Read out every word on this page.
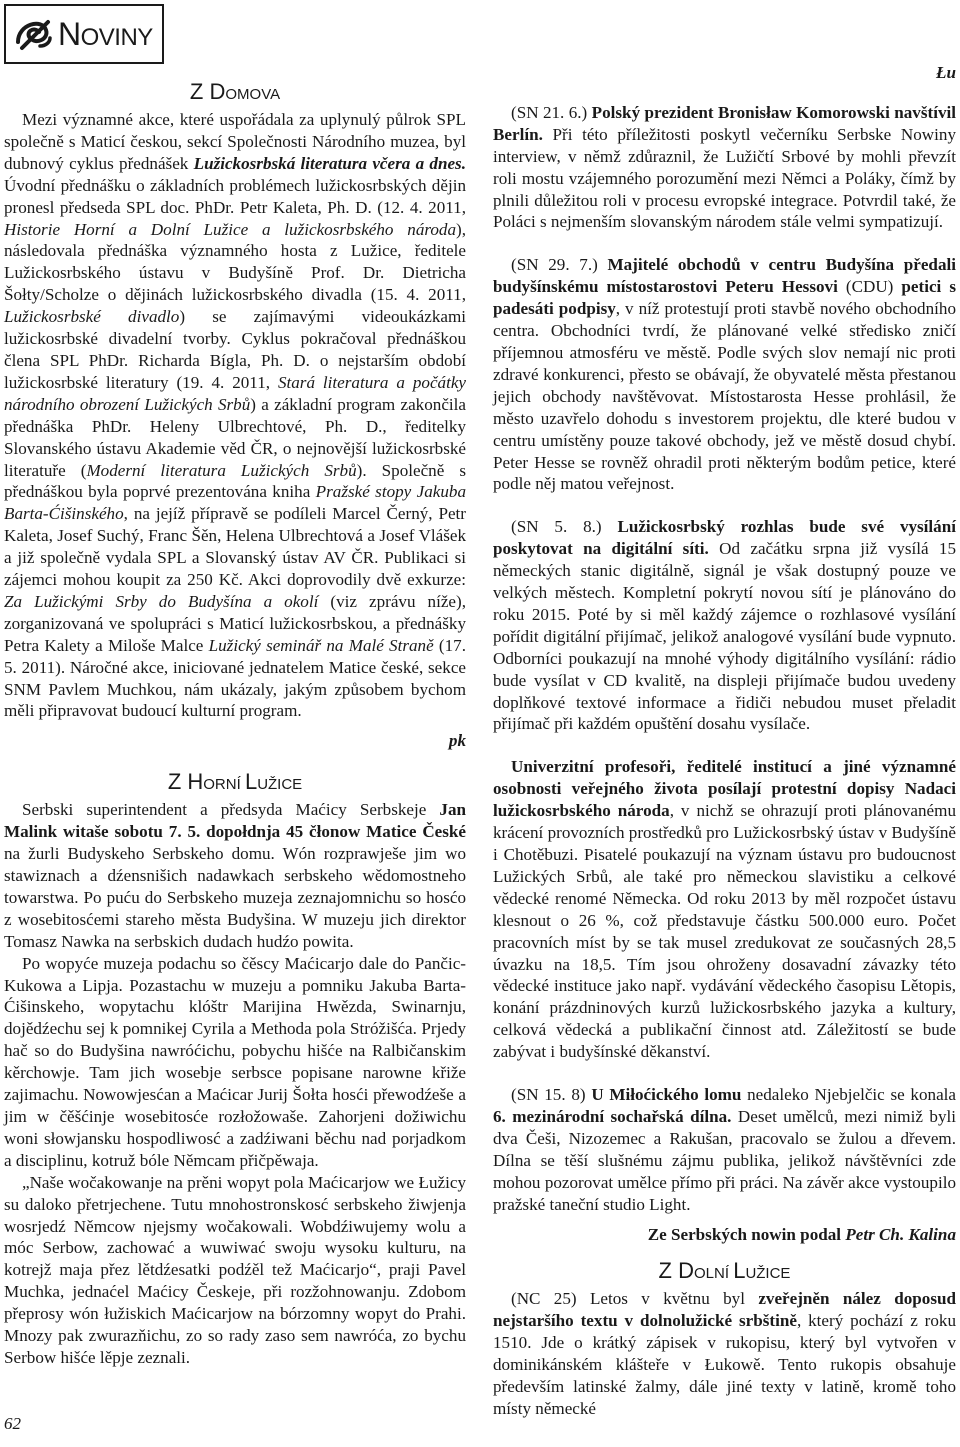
NOVINY
Z DOMOVA

Mezi významné akce, které uspořádala za uplynulý půlrok SPL společně s Maticí českou, sekcí Společnosti Národního muzea, byl dubnový cyklus přednášek Lužickosrbská literatura včera a dnes. Úvodní přednášku o základních problémech lužickosrbských dějin pronesl předseda SPL doc. PhDr. Petr Kaleta, Ph. D. (12. 4. 2011, Historie Horní a Dolní Lužice a lužickosrbského národa), následovala přednáška významného hosta z Lužice, ředitele Lužickosrbského ústavu v Budyšíně Prof. Dr. Dietricha Šołty/Scholze o dějinách lužickosrbského divadla (15. 4. 2011, Lužickosrbské divadlo) se zajímavými videoukázkami lužickosrbské divadelní tvorby. Cyklus pokračoval přednáškou člena SPL PhDr. Richarda Bígla, Ph. D. o nejstarším období lužickosrbské literatury (19. 4. 2011, Stará literatura a počátky národního obrození Lužických Srbů) a základní program zakončila přednáška PhDr. Heleny Ulbrechtové, Ph. D., ředitelky Slovanského ústavu Akademie věd ČR, o nejnovější lužickosrbské literatuře (Moderní literatura Lužických Srbů). Společně s přednáškou byla poprvé prezentována kniha Pražské stopy Jakuba Barta-Ćišinského, na jejíž přípravě se podíleli Marcel Černý, Petr Kaleta, Josef Suchý, Franc Šěn, Helena Ulbrechtová a Josef Vlášek a již společně vydala SPL a Slovanský ústav AV ČR. Publikaci si zájemci mohou koupit za 250 Kč. Akci doprovodily dvě exkurze: Za Lužickými Srby do Budyšína a okolí (viz zprávu níže), zorganizovaná ve spolupráci s Maticí lužickosrbskou, a přednášky Petra Kalety a Miloše Malce Lužický seminář na Malé Straně (17. 5. 2011). Náročné akce, iniciované jednatelem Matice české, sekce SNM Pavlem Muchkou, nám ukázaly, jakým způsobem bychom měli připravovat budoucí kulturní program.

pk

Z HORNÍ LUŽICE

Serbski superintendent a předsyda Maćicy Serbskeje Jan Malink witaše sobotu 7. 5. dopołdnja 45 čłonow Matice České na žurli Budyskeho Serbskeho domu. Wón rozprawješe jim wo stawiznach a dźensnišich nadawkach serbskeho wědomostneho towarstwa. Po puću do Serbskeho muzeja zeznajomnichu so hosćo z wosebitosćemi stareho města Budyšina. W muzeju jich direktor Tomasz Nawka na serbskich dudach hudźo powita.

Po wopyće muzeja podachu so čěscy Maćicarjo dale do Pančic-Kukowa a Lipja. Pozastachu w muzeju a pomniku Jakuba Barta-Ćišinskeho, wopytachu klóštr Marijina Hwězda, Swinarnju, dojědźechu sej k pomnikej Cyrila a Methoda pola Stróžišća. Prjedy hač so do Budyšina nawróćichu, pobychu hišće na Ralbičanskim kěrchowje. Tam jich wosebje serbsce popisane narowne křiže zajimachu. Nowowjesćan a Maćicar Jurij Šołta hosći přewodźeše a jim w čěšćinje wosebitosće rozłožowaše. Zahorjeni dožiwichu woni słowjansku hospodliwosć a zadźiwani běchu nad porjadkom a disciplinu, kotruž bóle Němcam přičpěwaja.

„Naše wočakowanje na prěni wopyt pola Maćicarjow we Łužicy su daloko přetrjechene. Tutu mnohostronskosć serbskeho žiwjenja wosrjedź Němcow njejsmy wočakowali. Wobdźiwujemy wolu a móc Serbow, zachować a wuwiwać swoju wysoku kulturu, na kotrejž maja přez lětdźesatki podźěl tež Maćicarjo“, praji Pavel Muchka, jednaćel Maćicy Českeje, při rozžohnowanju. Zdobom přeprosy wón łužiskich Maćicarjow na bórzomny wopyt do Prahi. Mnozy pak zwurazňichu, zo so rady zaso sem nawróća, zo bychu Serbow hišće lěpje zeznali.

Łu

(SN 21. 6.) Polský prezident Bronisław Komorowski navštívil Berlín. Při této příležitosti poskytl večerníku Serbske Nowiny interview, v němž zdůraznil, že Lužičtí Srbové by mohli převzít roli mostu vzájemného porozumění mezi Němci a Poláky, čímž by plnili důležitou roli v procesu evropské integrace. Potvrdil také, že Poláci s nejmenším slovanským národem stále velmi sympatizují.

(SN 29. 7.) Majitelé obchodů v centru Budyšína předali budyšínskému místostarostovi Peteru Hessovi (CDU) petici s padesáti podpisy, v níž protestují proti stavbě nového obchodního centra. Obchodníci tvrdí, že plánované velké středisko zničí příjemnou atmosféru ve městě. Podle svých slov nemají nic proti zdravé konkurenci, přesto se obávají, že obyvatelé města přestanou jejich obchody navštěvovat. Místostarosta Hesse prohlásil, že město uzavřelo dohodu s investorem projektu, dle které budou v centru umístěny pouze takové obchody, jež ve městě dosud chybí. Peter Hesse se rovněž ohradil proti některým bodům petice, které podle něj matou veřejnost.

(SN 5. 8.) Lužickosrbský rozhlas bude své vysílání poskytovat na digitální síti. Od začátku srpna již vysílá 15 německých stanic digitálně, signál je však dostupný pouze ve velkých městech. Kompletní pokrytí novou sítí je plánováno do roku 2015. Poté by si měl každý zájemce o rozhlasové vysílání pořídit digitální přijímač, jelikož analogové vysílání bude vypnuto. Odborníci poukazují na mnohé výhody digitálního vysílání: rádio bude vysílat v CD kvalitě, na displeji přijímače budou uvedeny doplňkové textové informace a řidiči nebudou muset přeladit přijímač při každém opuštění dosahu vysílače.

Univerzitní profesoři, ředitelé institucí a jiné významné osobnosti veřejného života posílají protestní dopisy Nadaci lužickosrbského národa, v nichž se ohrazují proti plánovanému krácení provozních prostředků pro Lužickosrbský ústav v Budyšíně i Chotěbuzi. Pisatelé poukazují na význam ústavu pro budoucnost Lužických Srbů, ale také pro německou slavistiku a celkové vědecké renomé Německa. Od roku 2013 by měl rozpočet ústavu klesnout o 26 %, což představuje částku 500.000 euro. Počet pracovních míst by se tak musel zredukovat ze současných 28,5 úvazku na 18,5. Tím jsou ohroženy dosavadní závazky této vědecké instituce jako např. vydávání vědeckého časopisu Lětopis, konání prázdninových kurzů lužickosrbského jazyka a kultury, celková vědecká a publikační činnost atd. Záležitostí se bude zabývat i budyšínské děkanství.

(SN 15. 8) U Miłoćického lomu nedaleko Njebjelčic se konala 6. mezinárodní sochařská dílna. Deset umělců, mezi nimiž byli dva Češi, Nizozemec a Rakušan, pracovalo se žulou a dřevem. Dílna se těší slušnému zájmu publika, jelikož návštěvníci zde mohou pozorovat umělce přímo při práci. Na závěr akce vystoupilo pražské taneční studio Light.

Ze Serbských nowin podal Petr Ch. Kalina

Z DOLNÍ LUŽICE

(NC 25) Letos v květnu byl zveřejněn nález doposud nejstaršího textu v dolnolužické srbštině, který pochází z roku 1510. Jde o krátký zápisek v rukopisu, který byl vytvořen v dominikánském klášteře v Łukowě. Tento rukopis obsahuje především latinské žalmy, dále jiné texty v latině, kromě toho místy německé

62
